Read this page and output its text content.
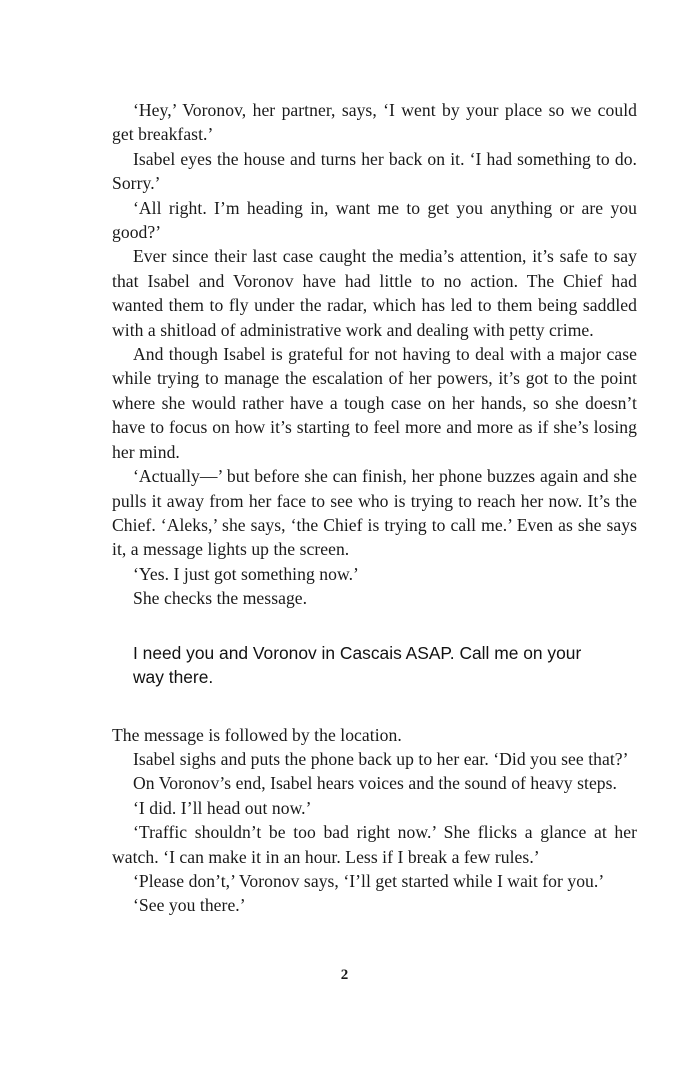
‘Hey,’ Voronov, her partner, says, ‘I went by your place so we could get breakfast.’

Isabel eyes the house and turns her back on it. ‘I had something to do. Sorry.’

‘All right. I’m heading in, want me to get you anything or are you good?’

Ever since their last case caught the media’s attention, it’s safe to say that Isabel and Voronov have had little to no action. The Chief had wanted them to fly under the radar, which has led to them being saddled with a shitload of administrative work and dealing with petty crime.

And though Isabel is grateful for not having to deal with a major case while trying to manage the escalation of her powers, it’s got to the point where she would rather have a tough case on her hands, so she doesn’t have to focus on how it’s starting to feel more and more as if she’s losing her mind.

‘Actually—’ but before she can finish, her phone buzzes again and she pulls it away from her face to see who is trying to reach her now. It’s the Chief. ‘Aleks,’ she says, ‘the Chief is trying to call me.’ Even as she says it, a message lights up the screen.

‘Yes. I just got something now.’

She checks the message.

I need you and Voronov in Cascais ASAP. Call me on your way there.

The message is followed by the location.

Isabel sighs and puts the phone back up to her ear. ‘Did you see that?’

On Voronov’s end, Isabel hears voices and the sound of heavy steps.

‘I did. I’ll head out now.’

‘Traffic shouldn’t be too bad right now.’ She flicks a glance at her watch. ‘I can make it in an hour. Less if I break a few rules.’

‘Please don’t,’ Voronov says, ‘I’ll get started while I wait for you.’

‘See you there.’

2
